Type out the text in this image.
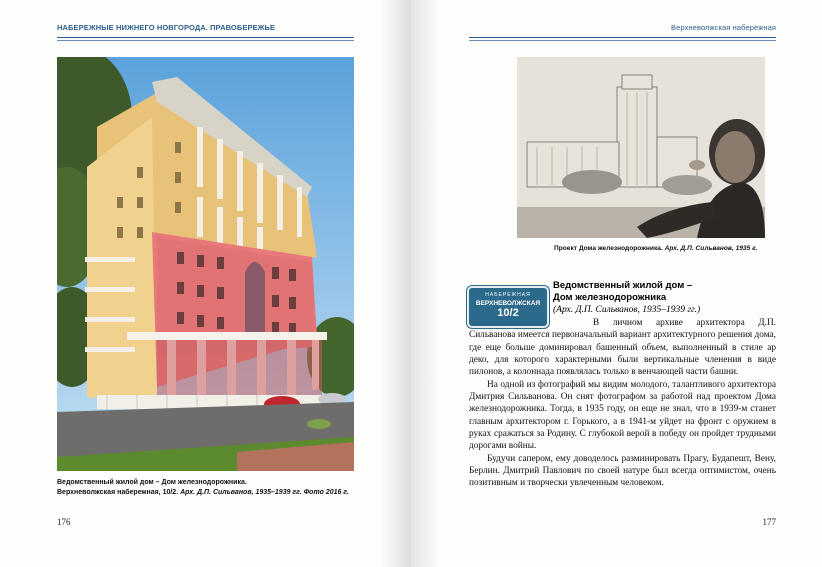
НАБЕРЕЖНЫЕ НИЖНЕГО НОВГОРОДА. ПРАВОБЕРЕЖЬЕ
Ведомственный жилой дом – Дом железнодорожника.
Верхневолжская набережная, 10/2. Арх. Д.П. Сильванов, 1935–1939 гг. Фото 2016 г.
176
Верхневолжская набережная
Проект Дома железнодорожника. Арх. Д.П. Сильванов, 1935 г.
НАБЕРЕЖНАЯ
ВЕРХНЕВОЛЖСКАЯ
10/2
Ведомственный жилой дом –
Дом железнодорожника
(Арх. Д.П. Сильванов, 1935–1939 гг.)

В личном архиве архитектора Д.П. Сильванова имеется первоначальный вариант архитектурного решения дома, где еще больше доминировал башенный объем, выполненный в стиле ар деко, для которого характерными были вертикальные членения в виде пилонов, а колоннада появлялась только в венчающей части башни.

На одной из фотографий мы видим молодого, талантливого архитектора Дмитрия Сильванова. Он снят фотографом за работой над проектом Дома железнодорожника. Тогда, в 1935 году, он еще не знал, что в 1939-м станет главным архитектором г. Горького, а в 1941-м уйдет на фронт с оружием в руках сражаться за Родину. С глубокой верой в победу он пройдет трудными дорогами войны.

Будучи сапером, ему доводелось разминировать Прагу, Будапешт, Вену, Берлин. Дмитрий Павлович по своей натуре был всегда оптимистом, очень позитивным и творчески увлеченным человеком.

177
